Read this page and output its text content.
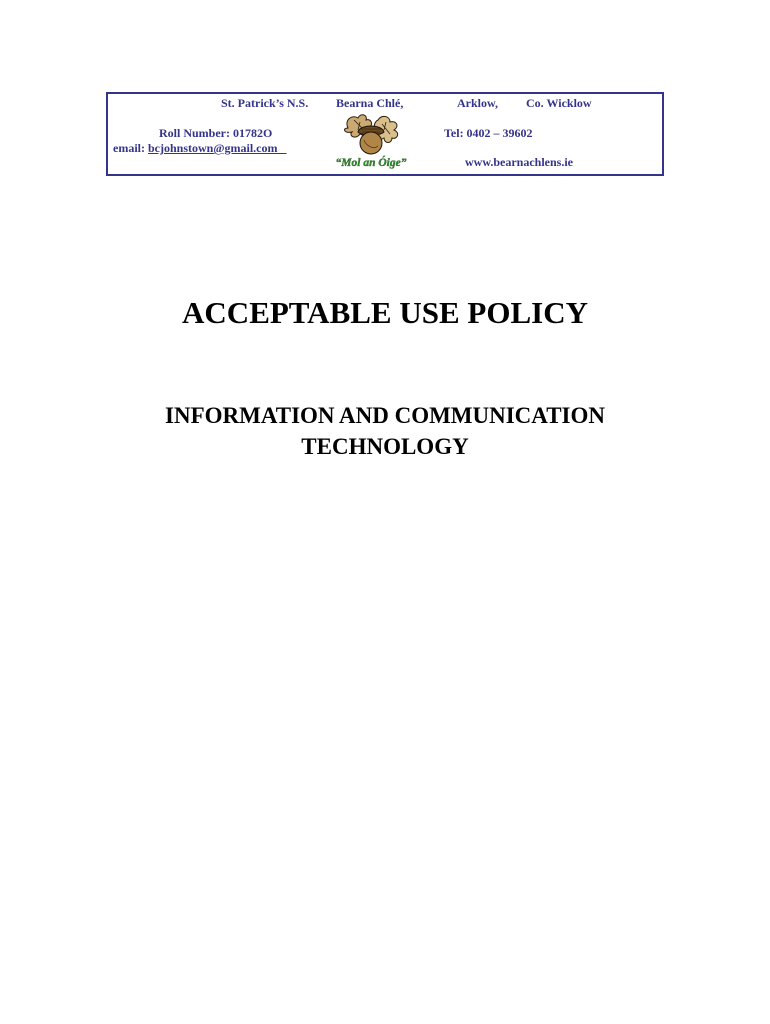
St. Patrick’s N.S. Bearna Chlé,	Arklow, Co. Wicklow
Roll Number: 01782O
email: bcjohnstown@gmail.com
Tel: 0402 – 39602
www.bearnachlens.ie
“Mol an Óige”
ACCEPTABLE USE POLICY
INFORMATION AND COMMUNICATION
TECHNOLOGY
